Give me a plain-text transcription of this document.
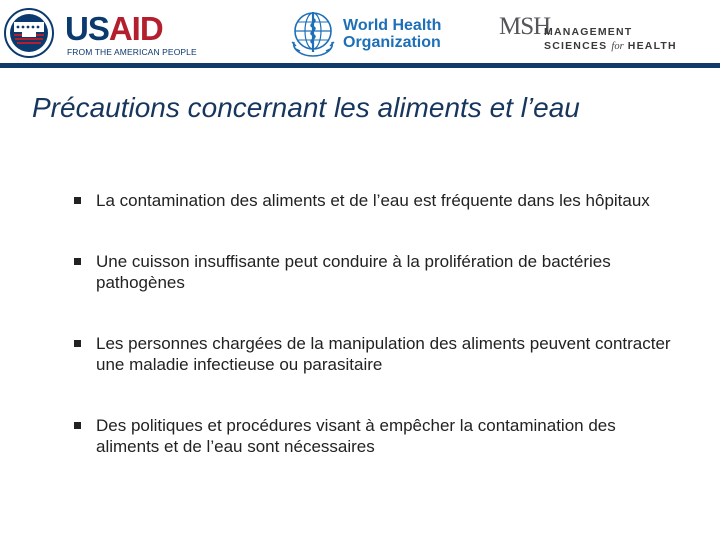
USAID
FROM THE AMERICAN PEOPLE
World Health
Organization
MSH
MANAGEMENT
SCIENCES for HEALTH
Précautions concernant les aliments et l’eau
La contamination des aliments et de l’eau est fréquente dans les hôpitaux
Une cuisson insuffisante peut conduire à la prolifération de bactéries pathogènes
Les personnes chargées de la manipulation des aliments peuvent contracter une maladie infectieuse ou parasitaire
Des politiques et procédures visant à empêcher la contamination des aliments et de l’eau sont nécessaires
